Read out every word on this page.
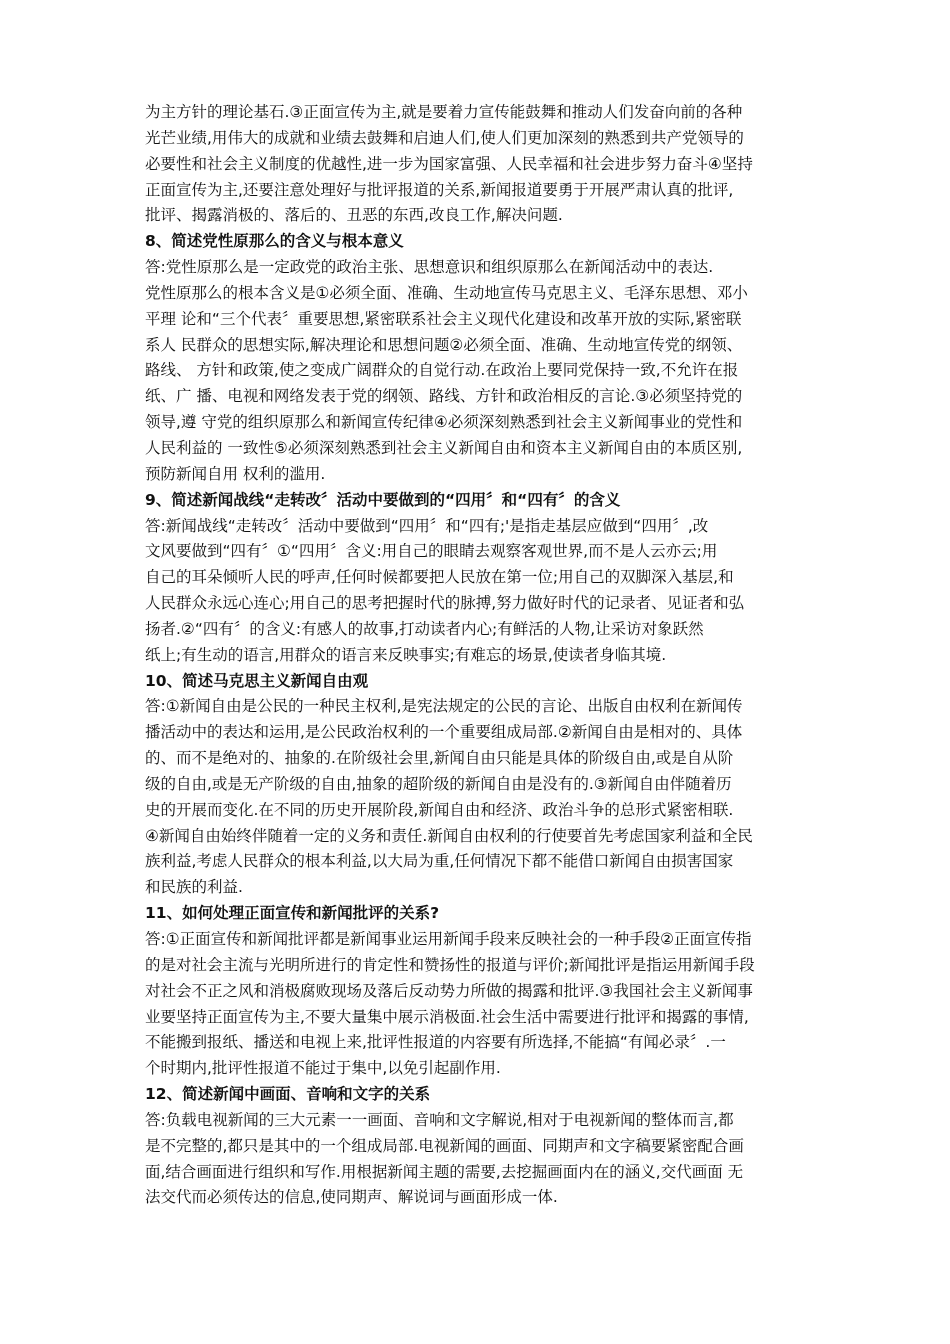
为主方针的理论基石.③正面宣传为主,就是要着力宣传能鼓舞和推动人们发奋向前的各种
光芒业绩,用伟大的成就和业绩去鼓舞和启迪人们,使人们更加深刻的熟悉到共产党领导的
必要性和社会主义制度的优越性,进一步为国家富强、人民幸福和社会进步努力奋斗④坚持
正面宣传为主,还要注意处理好与批评报道的关系,新闻报道要勇于开展严肃认真的批评,
批评、揭露消极的、落后的、丑恶的东西,改良工作,解决问题.
8、简述党性原那么的含义与根本意义
答:党性原那么是一定政党的政治主张、思想意识和组织原那么在新闻活动中的表达.
党性原那么的根本含义是①必须全面、准确、生动地宣传马克思主义、毛泽东思想、邓小
平理 论和“三个代表〞重要思想,紧密联系社会主义现代化建设和改革开放的实际,紧密联
系人 民群众的思想实际,解决理论和思想问题②必须全面、准确、生动地宣传党的纲领、
路线、 方针和政策,使之变成广阔群众的自觉行动.在政治上要同党保持一致,不允许在报
纸、广 播、电视和网络发表于党的纲领、路线、方针和政治相反的言论.③必须坚持党的
领导,遵 守党的组织原那么和新闻宣传纪律④必须深刻熟悉到社会主义新闻事业的党性和
人民利益的 一致性⑤必须深刻熟悉到社会主义新闻自由和资本主义新闻自由的本质区别,
预防新闻自用 权利的滥用.
9、简述新闻战线“走转改〞活动中要做到的“四用〞和“四有〞的含义
答:新闻战线“走转改〞活动中要做到“四用〞和“四有;'是指走基层应做到“四用〞,改
文风要做到“四有〞①“四用〞含义:用自己的眼睛去观察客观世界,而不是人云亦云;用
自己的耳朵倾听人民的呼声,任何时候都要把人民放在第一位;用自己的双脚深入基层,和
人民群众永远心连心;用自己的思考把握时代的脉搏,努力做好时代的记录者、见证者和弘
扬者.②“四有〞的含义:有感人的故事,打动读者内心;有鲜活的人物,让采访对象跃然
纸上;有生动的语言,用群众的语言来反映事实;有难忘的场景,使读者身临其境.
10、简述马克思主义新闻自由观
答:①新闻自由是公民的一种民主权利,是宪法规定的公民的言论、出版自由权利在新闻传
播活动中的表达和运用,是公民政治权利的一个重要组成局部.②新闻自由是相对的、具体
的、而不是绝对的、抽象的.在阶级社会里,新闻自由只能是具体的阶级自由,或是自从阶
级的自由,或是无产阶级的自由,抽象的超阶级的新闻自由是没有的.③新闻自由伴随着历
史的开展而变化.在不同的历史开展阶段,新闻自由和经济、政治斗争的总形式紧密相联.
④新闻自由始终伴随着一定的义务和责任.新闻自由权利的行使要首先考虑国家利益和全民
族利益,考虑人民群众的根本利益,以大局为重,任何情况下都不能借口新闻自由损害国家
和民族的利益.
11、如何处理正面宣传和新闻批评的关系?
答:①正面宣传和新闻批评都是新闻事业运用新闻手段来反映社会的一种手段②正面宣传指
的是对社会主流与光明所进行的肯定性和赞扬性的报道与评价;新闻批评是指运用新闻手段
对社会不正之风和消极腐败现场及落后反动势力所做的揭露和批评.③我国社会主义新闻事
业要坚持正面宣传为主,不要大量集中展示消极面.社会生活中需要进行批评和揭露的事情,
不能搬到报纸、播送和电视上来,批评性报道的内容要有所选择,不能搞“有闻必录〞.一
个时期内,批评性报道不能过于集中,以免引起副作用.
12、简述新闻中画面、音响和文字的关系
答:负载电视新闻的三大元素一一画面、音响和文字解说,相对于电视新闻的整体而言,都
是不完整的,都只是其中的一个组成局部.电视新闻的画面、同期声和文字稿要紧密配合画
面,结合画面进行组织和写作.用根据新闻主题的需要,去挖掘画面内在的涵义,交代画面 无
法交代而必须传达的信息,使同期声、解说词与画面形成一体.
